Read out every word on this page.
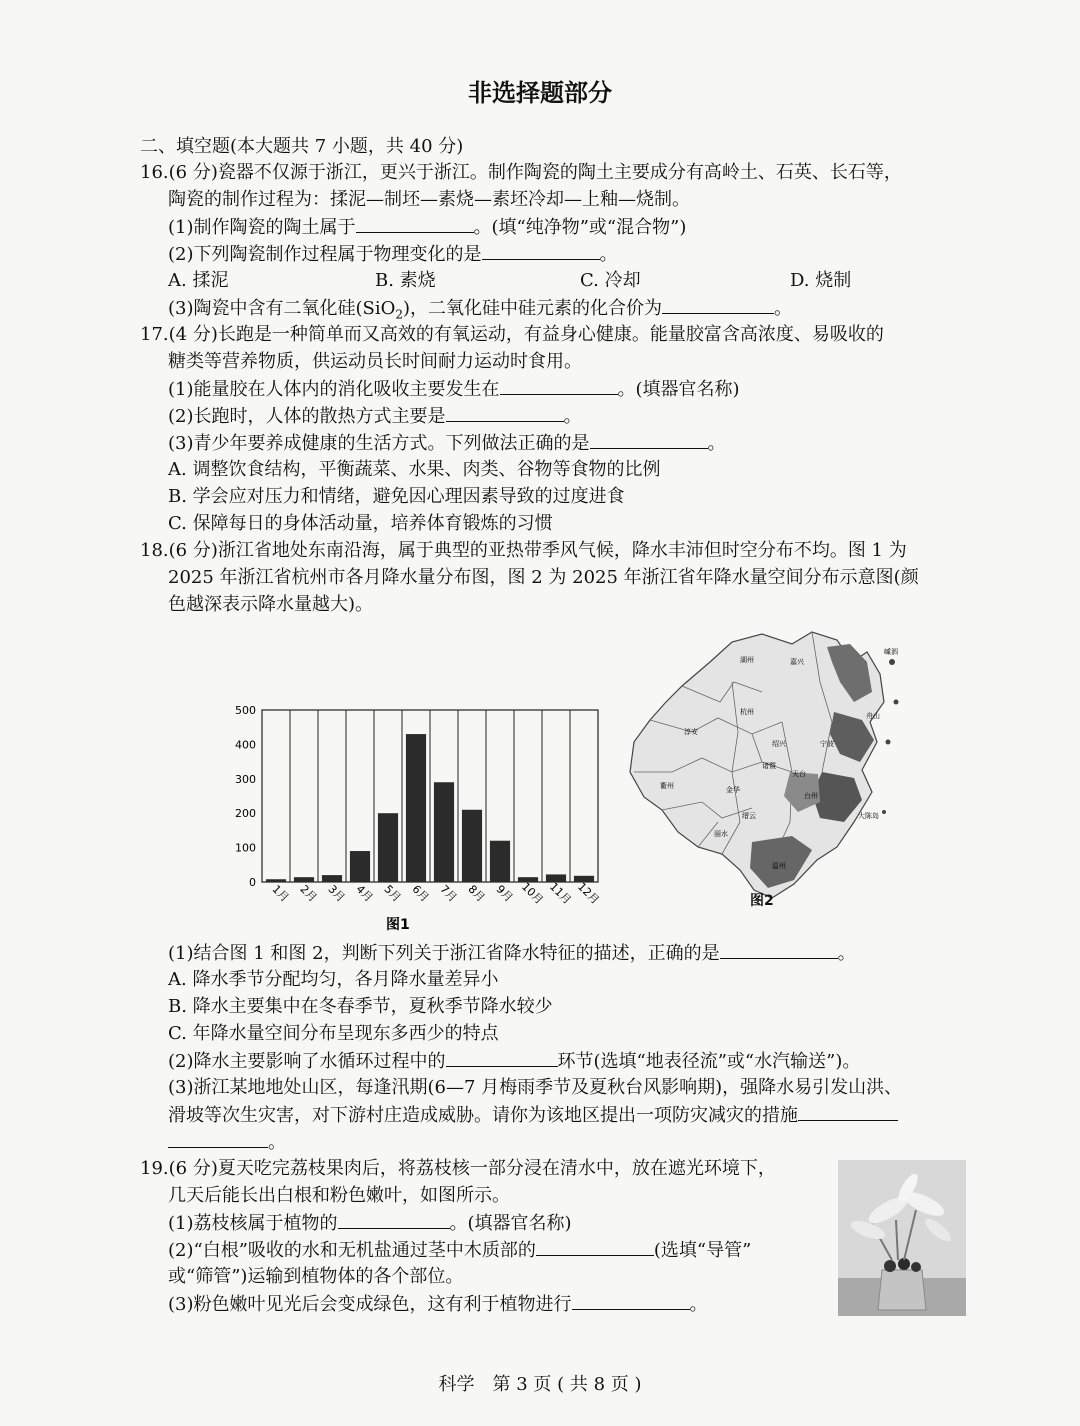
非选择题部分
二、填空题(本大题共 7 小题，共 40 分)
16.(6 分)瓷器不仅源于浙江，更兴于浙江。制作陶瓷的陶土主要成分有高岭土、石英、长石等，
陶瓷的制作过程为：揉泥—制坯—素烧—素坯冷却—上釉—烧制。
(1)制作陶瓷的陶土属于	。(填“纯净物”或“混合物”)
(2)下列陶瓷制作过程属于物理变化的是	。
A. 揉泥	B. 素烧	C. 冷却	D. 烧制
(3)陶瓷中含有二氧化硅(SiO$_2$)，二氧化硅中硅元素的化合价为	。
17.(4 分)长跑是一种简单而又高效的有氧运动，有益身心健康。能量胶富含高浓度、易吸收的
糖类等营养物质，供运动员长时间耐力运动时食用。
(1)能量胶在人体内的消化吸收主要发生在	。(填器官名称)
(2)长跑时，人体的散热方式主要是	。
(3)青少年要养成健康的生活方式。下列做法正确的是	。
A. 调整饮食结构，平衡蔬菜、水果、肉类、谷物等食物的比例
B. 学会应对压力和情绪，避免因心理因素导致的过度进食
C. 保障每日的身体活动量，培养体育锻炼的习惯
18.(6 分)浙江省地处东南沿海，属于典型的亚热带季风气候，降水丰沛但时空分布不均。图 1 为
2025 年浙江省杭州市各月降水量分布图，图 2 为 2025 年浙江省年降水量空间分布示意图(颜
色越深表示降水量越大)。
0
100
200
300
400
500
1月 2月 3月 4月 5月 6月 7月 8月 9月 10月 11月 12月
图1
湖州	嘉兴
杭州
绍兴	宁波
舟山
金华
衢州
台州
丽水
温州
大陈岛
嵊泗
淳安
诸暨
天台
缙云
图2
(1)结合图 1 和图 2，判断下列关于浙江省降水特征的描述，正确的是	。
A. 降水季节分配均匀，各月降水量差异小
B. 降水主要集中在冬春季节，夏秋季节降水较少
C. 年降水量空间分布呈现东多西少的特点
(2)降水主要影响了水循环过程中的	环节(选填“地表径流”或“水汽输送”)。
(3)浙江某地地处山区，每逢汛期(6—7 月梅雨季节及夏秋台风影响期)，强降水易引发山洪、
滑坡等次生灾害，对下游村庄造成威胁。请你为该地区提出一项防灾减灾的措施
。
19.(6 分)夏天吃完荔枝果肉后，将荔枝核一部分浸在清水中，放在遮光环境下，
几天后能长出白根和粉色嫩叶，如图所示。
(1)荔枝核属于植物的	。(填器官名称)
(2)“白根”吸收的水和无机盐通过茎中木质部的	(选填“导管”
或“筛管”)运输到植物体的各个部位。
(3)粉色嫩叶见光后会变成绿色，这有利于植物进行	。
科学　第 3 页 ( 共 8 页 )
